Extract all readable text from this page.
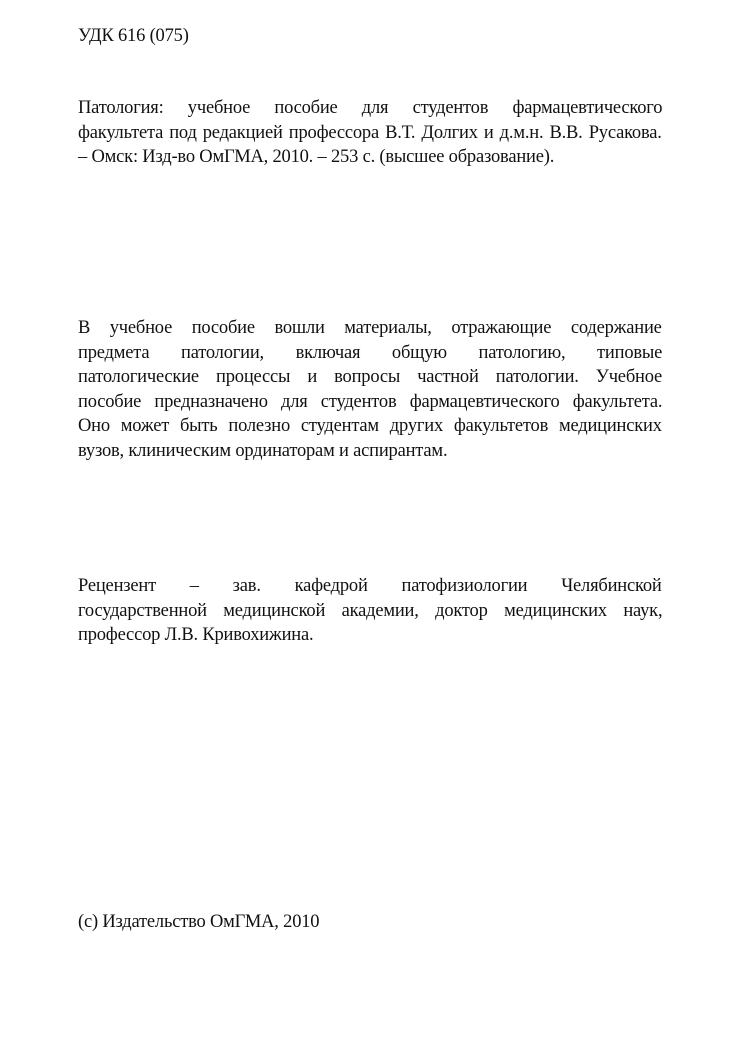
УДК 616 (075)
Патология: учебное пособие для студентов фармацевтического
факультета под редакцией профессора В.Т. Долгих и д.м.н. В.В. Русакова.
– Омск: Изд-во ОмГМА, 2010. – 253 с. (высшее образование).
В учебное пособие вошли материалы, отражающие содержание
предмета патологии, включая общую патологию, типовые
патологические процессы и вопросы частной патологии. Учебное
пособие предназначено для студентов фармацевтического факультета.
Оно может быть полезно студентам других факультетов медицинских
вузов, клиническим ординаторам и аспирантам.
Рецензент – зав. кафедрой патофизиологии Челябинской
государственной медицинской академии, доктор медицинских наук,
профессор Л.В. Кривохижина.
(с) Издательство ОмГМА, 2010
